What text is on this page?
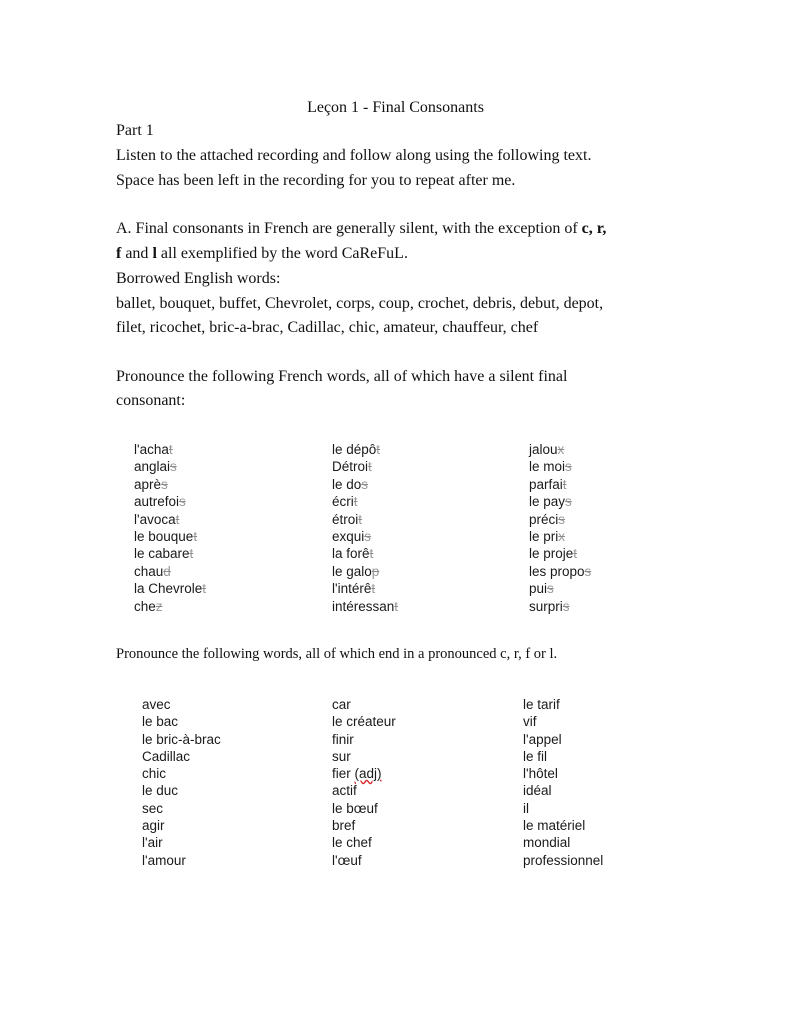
Leçon 1 - Final Consonants
Part 1
Listen to the attached recording and follow along using the following text.
Space has been left in the recording for you to repeat after me.
A. Final consonants in French are generally silent, with the exception of c, r,
f and l all exemplified by the word CaReFuL.
Borrowed English words:
ballet, bouquet, buffet, Chevrolet, corps, coup, crochet, debris, debut, depot,
filet, ricochet, bric-a-brac, Cadillac, chic, amateur, chauffeur, chef
Pronounce the following French words, all of which have a silent final
consonant:
l'achat
anglais
après
autrefois
l'avocat
le bouquet
le cabaret
chaud
la Chevrolet
chez
le dépôt
Détroit
le dos
écrit
étroit
exquis
la forêt
le galop
l'intérêt
intéressant
jaloux
le mois
parfait
le pays
précis
le prix
le projet
les propos
puis
surpris
Pronounce the following words, all of which end in a pronounced c, r, f or l.
avec
le bac
le bric-à-brac
Cadillac
chic
le duc
sec
agir
l'air
l'amour
car
le créateur
finir
sur
fier (adj)
actif
le bœuf
bref
le chef
l'œuf
le tarif
vif
l'appel
le fil
l'hôtel
idéal
il
le matériel
mondial
professionnel
